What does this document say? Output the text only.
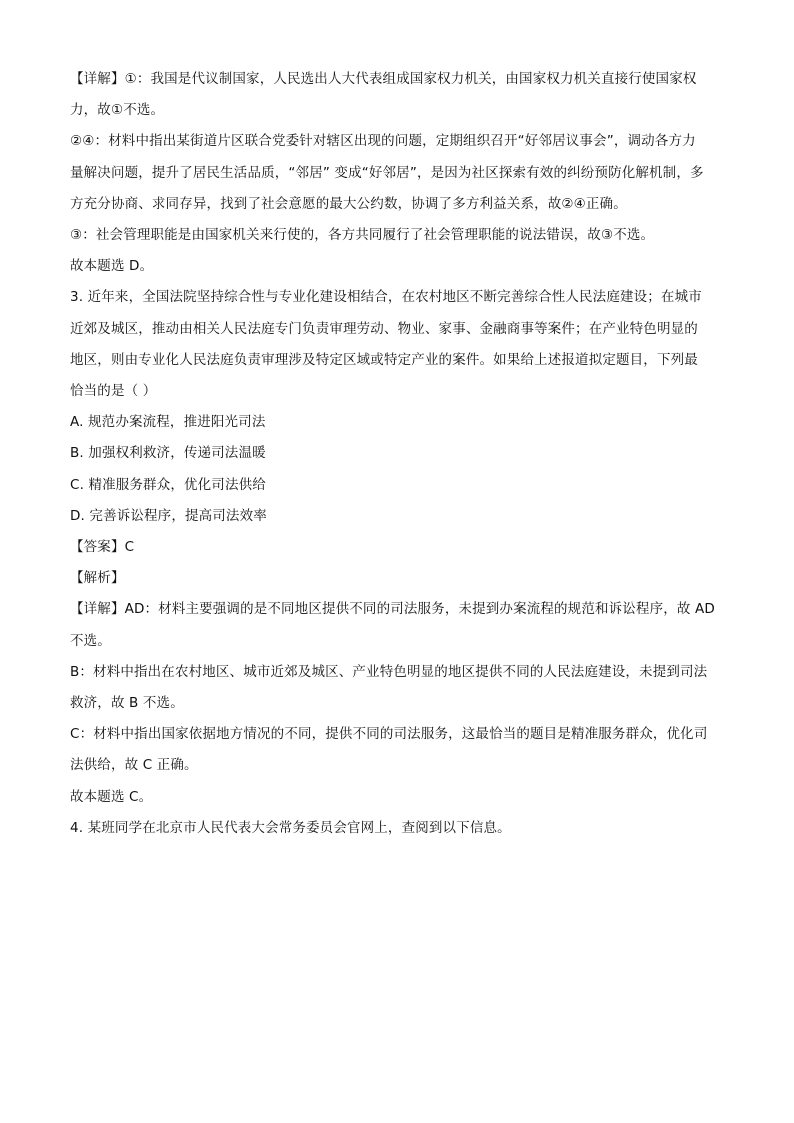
【详解】①：我国是代议制国家，人民选出人大代表组成国家权力机关，由国家权力机关直接行使国家权

力，故①不选。

②④：材料中指出某街道片区联合党委针对辖区出现的问题，定期组织召开“好邻居议事会”，调动各方力

量解决问题，提升了居民生活品质，“邻居” 变成“好邻居”，是因为社区探索有效的纠纷预防化解机制，多

方充分协商、求同存异，找到了社会意愿的最大公约数，协调了多方利益关系，故②④正确。

③：社会管理职能是由国家机关来行使的，各方共同履行了社会管理职能的说法错误，故③不选。

故本题选 D。

3. 近年来，全国法院坚持综合性与专业化建设相结合，在农村地区不断完善综合性人民法庭建设；在城市

近郊及城区，推动由相关人民法庭专门负责审理劳动、物业、家事、金融商事等案件；在产业特色明显的

地区，则由专业化人民法庭负责审理涉及特定区域或特定产业的案件。如果给上述报道拟定题目，下列最

恰当的是（ ）

A. 规范办案流程，推进阳光司法

B. 加强权利救济，传递司法温暖

C. 精准服务群众，优化司法供给

D. 完善诉讼程序，提高司法效率

【答案】C

【解析】

【详解】AD：材料主要强调的是不同地区提供不同的司法服务，未提到办案流程的规范和诉讼程序，故 AD

不选。

B：材料中指出在农村地区、城市近郊及城区、产业特色明显的地区提供不同的人民法庭建设，未提到司法

救济，故 B 不选。

C：材料中指出国家依据地方情况的不同，提供不同的司法服务，这最恰当的题目是精准服务群众，优化司

法供给，故 C 正确。

故本题选 C。

4. 某班同学在北京市人民代表大会常务委员会官网上，查阅到以下信息。
